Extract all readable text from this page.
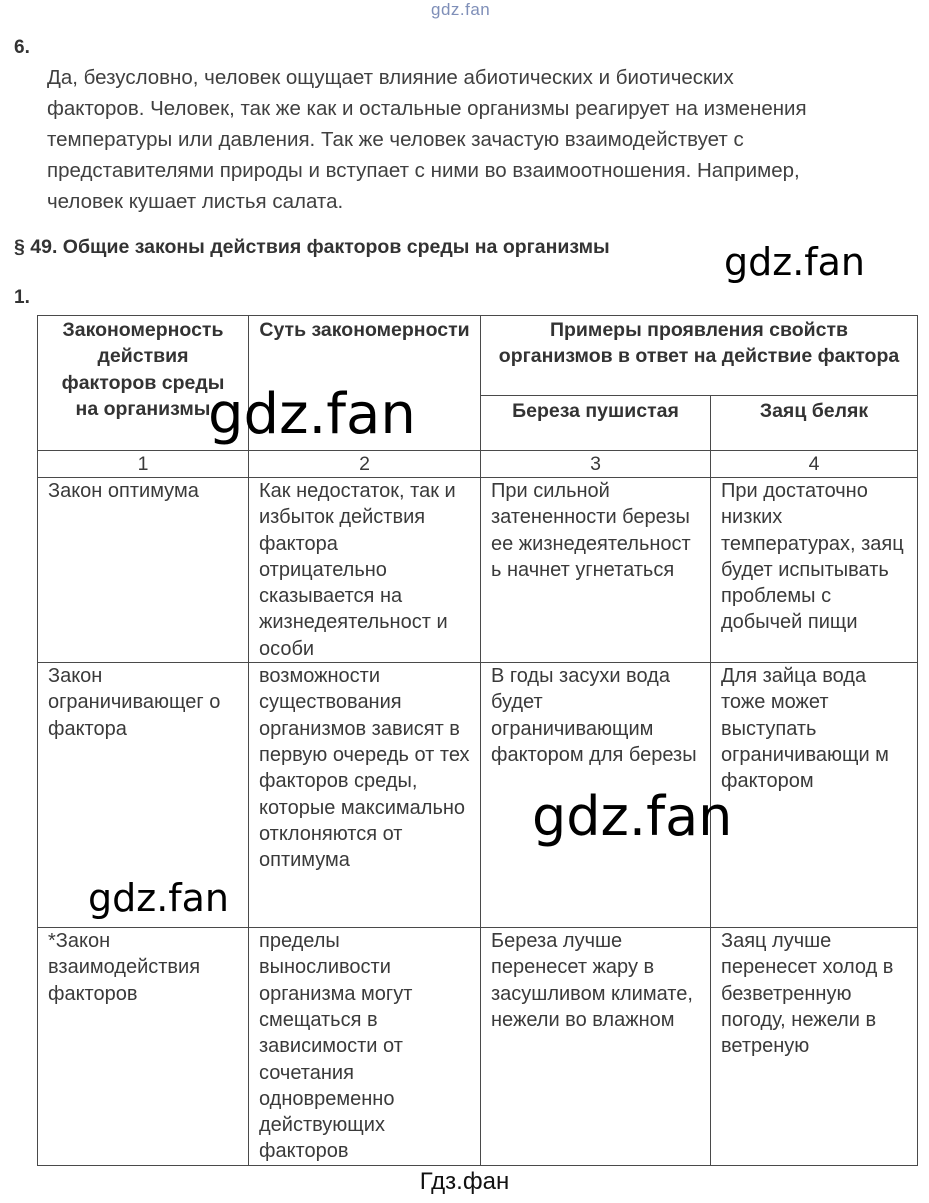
gdz.fan
6.
Да, безусловно, человек ощущает влияние абиотических и биотических
факторов. Человек, так же как и остальные организмы реагирует на изменения
температуры или давления. Так же человек зачастую взаимодействует с
представителями природы и вступает с ними во взаимоотношения. Например,
человек кушает листья салата.
§ 49. Общие законы действия факторов среды на организмы	gdz.fan
1.
Закономерность действия факторов среды на организмы	Суть закономерности	Примеры проявления свойств организмов в ответ на действие фактора	
		Береза пушистая	Заяц беляк
1	2	3	4
Закон оптимума	Как недостаток, так и избыток действия фактора отрицательно сказывается на жизнедеятельност и особи	При сильной затененности березы ее жизнедеятельност ь начнет угнетаться	При достаточно низких температурах, заяц будет испытывать проблемы с добычей пищи
Закон ограничивающег о фактора	возможности существования организмов зависят в первую очередь от тех факторов среды, которые максимально отклоняются от оптимума	В годы засухи вода будет ограничивающим фактором для березы	Для зайца вода тоже может выступать ограничивающи м фактором
*Закон взаимодействия факторов	пределы выносливости организма могут смещаться в зависимости от сочетания одновременно действующих факторов	Береза лучше перенесет жару в засушливом климате, нежели во влажном	Заяц лучше перенесет холод в безветренную погоду, нежели в ветреную
gdz.fan
gdz.fan
gdz.fan
Гдз.фан
